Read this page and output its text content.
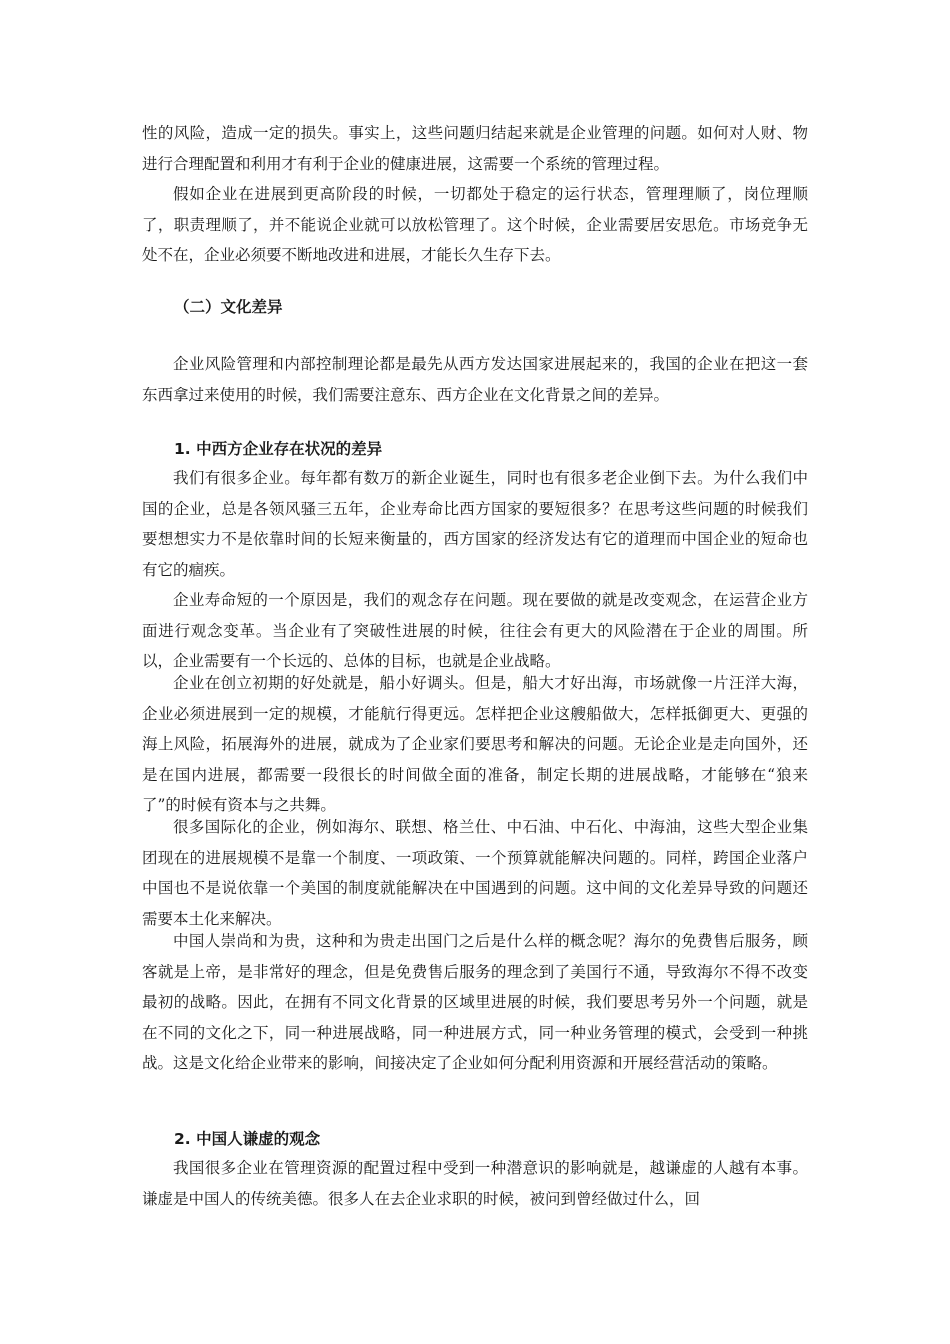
性的风险，造成一定的损失。事实上，这些问题归结起来就是企业管理的问题。如何对人财、物进行合理配置和利用才有利于企业的健康进展，这需要一个系统的管理过程。

假如企业在进展到更高阶段的时候，一切都处于稳定的运行状态，管理理顺了，岗位理顺了，职责理顺了，并不能说企业就可以放松管理了。这个时候，企业需要居安思危。市场竞争无处不在，企业必须要不断地改进和进展，才能长久生存下去。

（二）文化差异

企业风险管理和内部控制理论都是最先从西方发达国家进展起来的，我国的企业在把这一套东西拿过来使用的时候，我们需要注意东、西方企业在文化背景之间的差异。

1. 中西方企业存在状况的差异

我们有很多企业。每年都有数万的新企业诞生，同时也有很多老企业倒下去。为什么我们中国的企业，总是各领风骚三五年，企业寿命比西方国家的要短很多？在思考这些问题的时候我们要想想实力不是依靠时间的长短来衡量的，西方国家的经济发达有它的道理而中国企业的短命也有它的痼疾。

企业寿命短的一个原因是，我们的观念存在问题。现在要做的就是改变观念，在运营企业方面进行观念变革。当企业有了突破性进展的时候，往往会有更大的风险潜在于企业的周围。所以，企业需要有一个长远的、总体的目标，也就是企业战略。

企业在创立初期的好处就是，船小好调头。但是，船大才好出海，市场就像一片汪洋大海，企业必须进展到一定的规模，才能航行得更远。怎样把企业这艘船做大，怎样抵御更大、更强的海上风险，拓展海外的进展，就成为了企业家们要思考和解决的问题。无论企业是走向国外，还是在国内进展，都需要一段很长的时间做全面的准备，制定长期的进展战略，才能够在“狼来了”的时候有资本与之共舞。

很多国际化的企业，例如海尔、联想、格兰仕、中石油、中石化、中海油，这些大型企业集团现在的进展规模不是靠一个制度、一项政策、一个预算就能解决问题的。同样，跨国企业落户中国也不是说依靠一个美国的制度就能解决在中国遇到的问题。这中间的文化差异导致的问题还需要本土化来解决。

中国人崇尚和为贵，这种和为贵走出国门之后是什么样的概念呢？海尔的免费售后服务，顾客就是上帝，是非常好的理念，但是免费售后服务的理念到了美国行不通，导致海尔不得不改变最初的战略。因此，在拥有不同文化背景的区域里进展的时候，我们要思考另外一个问题，就是在不同的文化之下，同一种进展战略，同一种进展方式，同一种业务管理的模式，会受到一种挑战。这是文化给企业带来的影响，间接决定了企业如何分配利用资源和开展经营活动的策略。

2. 中国人谦虚的观念

我国很多企业在管理资源的配置过程中受到一种潜意识的影响就是，越谦虚的人越有本事。谦虚是中国人的传统美德。很多人在去企业求职的时候，被问到曾经做过什么，回
